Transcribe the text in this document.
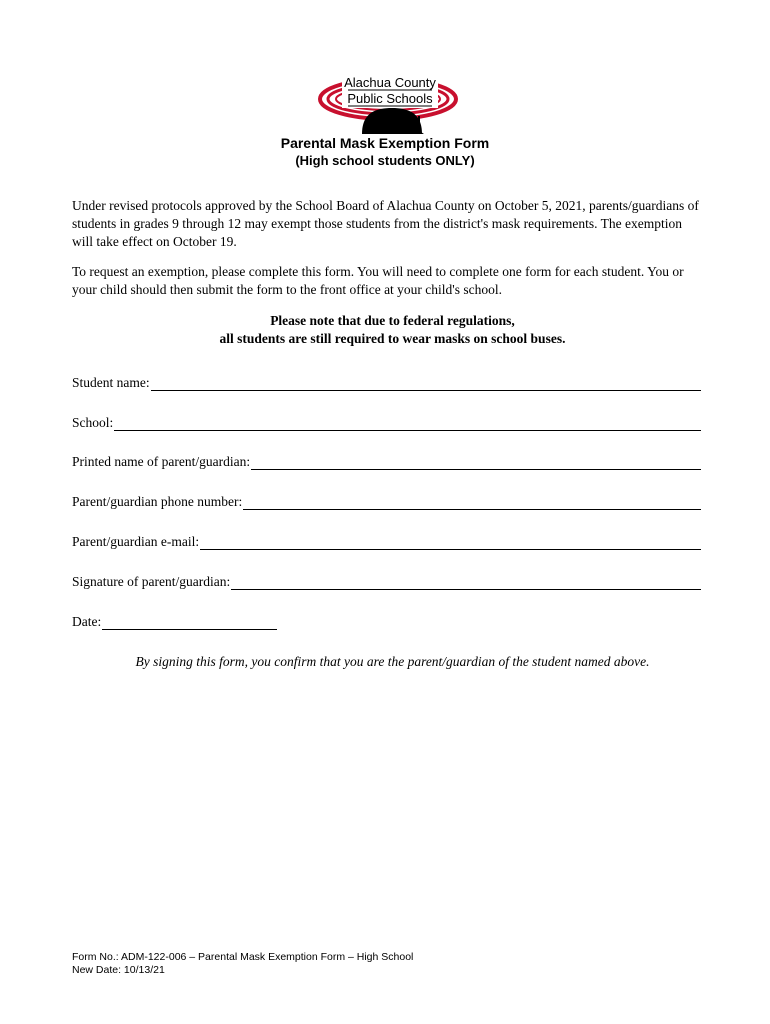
Alachua County
Public Schools
Parental Mask Exemption Form
(High school students ONLY)

Under revised protocols approved by the School Board of Alachua County on October 5, 2021, parents/guardians of students in grades 9 through 12 may exempt those students from the district's mask requirements. The exemption will take effect on October 19.

To request an exemption, please complete this form. You will need to complete one form for each student. You or your child should then submit the form to the front office at your child's school.

Please note that due to federal regulations,
all students are still required to wear masks on school buses.
Student name:
School:
Printed name of parent/guardian:
Parent/guardian phone number:
Parent/guardian e-mail:
Signature of parent/guardian:
Date:
By signing this form, you confirm that you are the parent/guardian of the student named above.
Form No.: ADM-122-006 – Parental Mask Exemption Form – High School
New Date: 10/13/21
